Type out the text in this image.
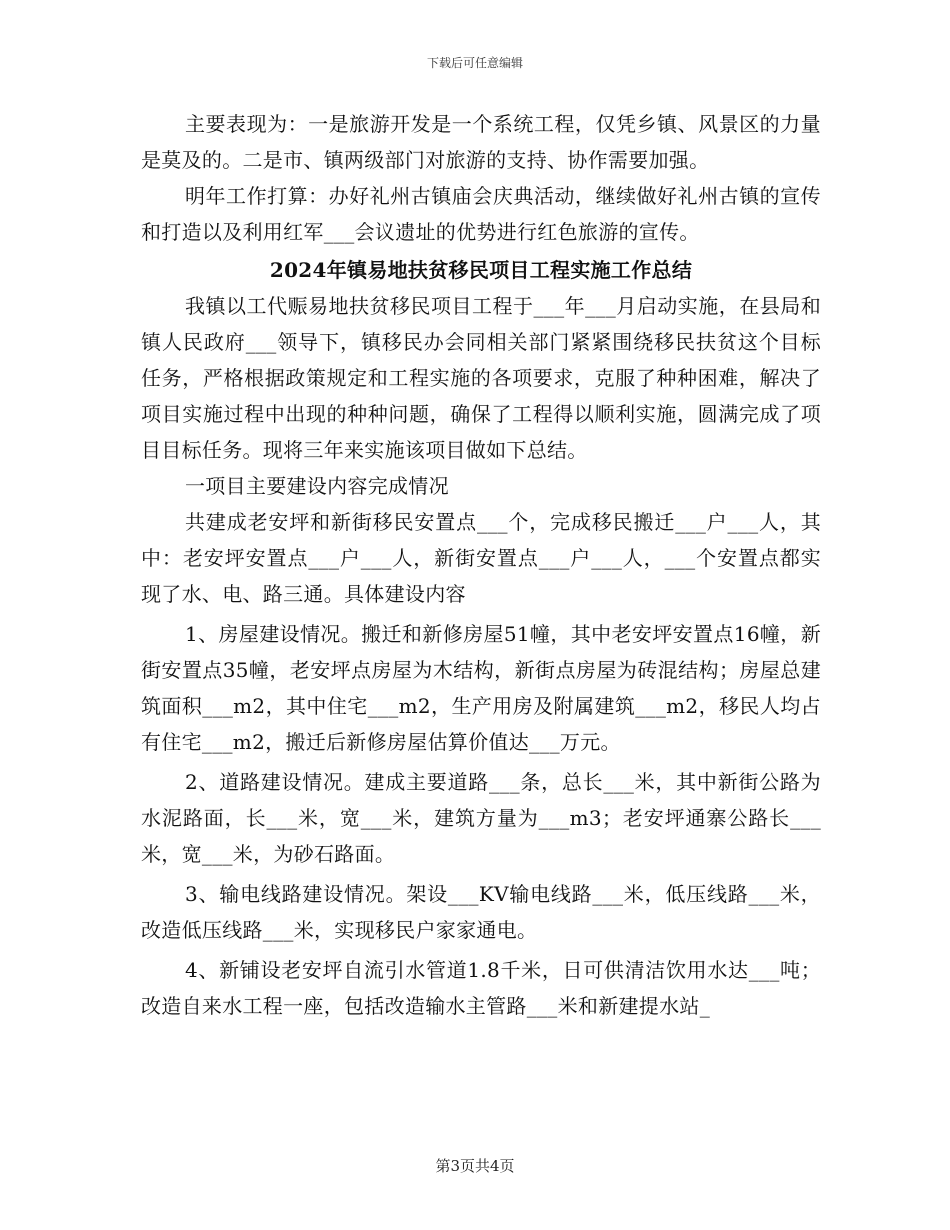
下载后可任意编辑

主要表现为：一是旅游开发是一个系统工程，仅凭乡镇、风景区的力量是莫及的。二是市、镇两级部门对旅游的支持、协作需要加强。

明年工作打算：办好礼州古镇庙会庆典活动，继续做好礼州古镇的宣传和打造以及利用红军___会议遗址的优势进行红色旅游的宣传。

2024年镇易地扶贫移民项目工程实施工作总结

我镇以工代赈易地扶贫移民项目工程于___年___月启动实施，在县局和镇人民政府___领导下，镇移民办会同相关部门紧紧围绕移民扶贫这个目标任务，严格根据政策规定和工程实施的各项要求，克服了种种困难，解决了项目实施过程中出现的种种问题，确保了工程得以顺利实施，圆满完成了项目目标任务。现将三年来实施该项目做如下总结。

一项目主要建设内容完成情况

共建成老安坪和新街移民安置点___个，完成移民搬迁___户___人，其中：老安坪安置点___户___人，新街安置点___户___人，___个安置点都实现了水、电、路三通。具体建设内容

1、房屋建设情况。搬迁和新修房屋51幢，其中老安坪安置点16幢，新街安置点35幢，老安坪点房屋为木结构，新街点房屋为砖混结构；房屋总建筑面积___m2，其中住宅___m2，生产用房及附属建筑___m2，移民人均占有住宅___m2，搬迁后新修房屋估算价值达___万元。

2、道路建设情况。建成主要道路___条，总长___米，其中新街公路为水泥路面，长___米，宽___米，建筑方量为___m3；老安坪通寨公路长___米，宽___米，为砂石路面。

3、输电线路建设情况。架设___KV输电线路___米，低压线路___米，改造低压线路___米，实现移民户家家通电。

4、新铺设老安坪自流引水管道1.8千米，日可供清洁饮用水达___吨；改造自来水工程一座，包括改造输水主管路___米和新建提水站_

第3页共4页
